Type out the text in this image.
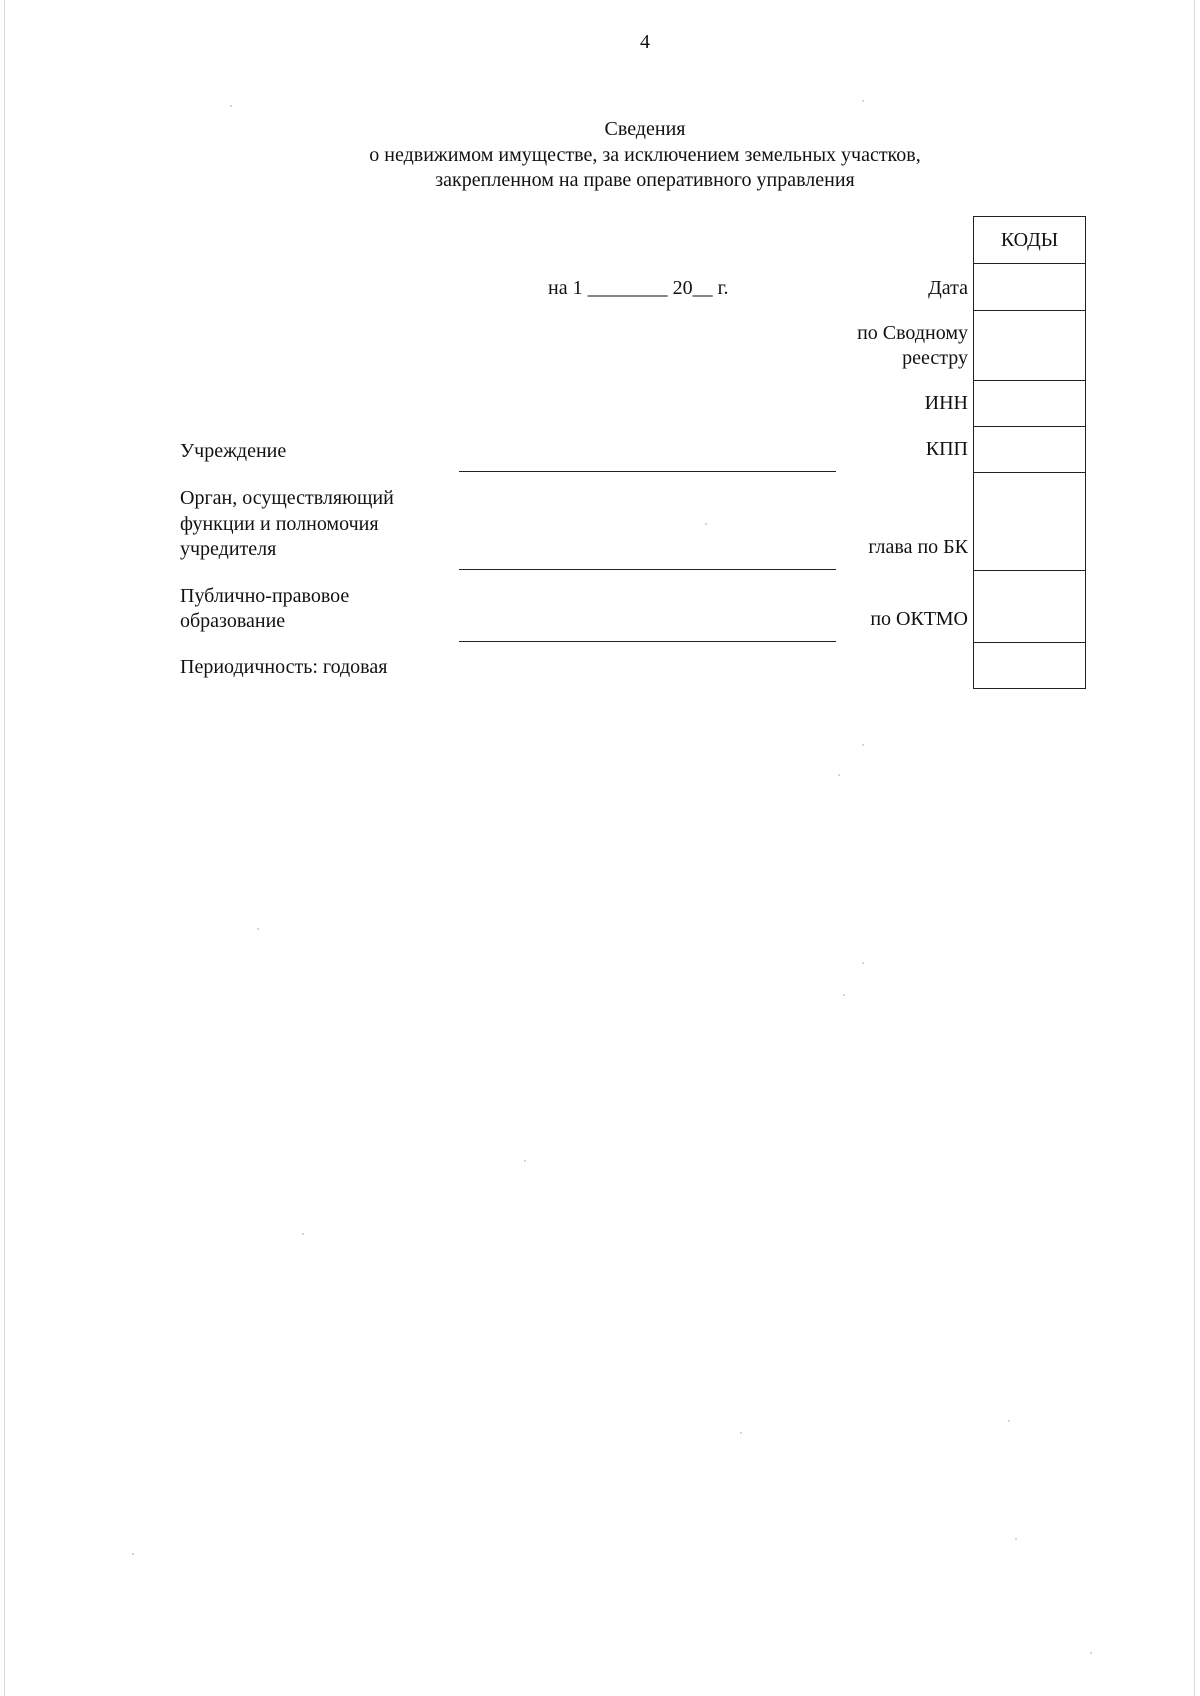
4
Сведения
о недвижимом имуществе, за исключением земельных участков,
закрепленном на праве оперативного управления
на 1 ________ 20__ г.	Дата
по Сводному
реестру
ИНН
КПП
глава по БК
по ОКТМО
КОДЫ
Учреждение
Орган, осуществляющий
функции и полномочия
учредителя
Публично-правовое
образование
Периодичность: годовая
